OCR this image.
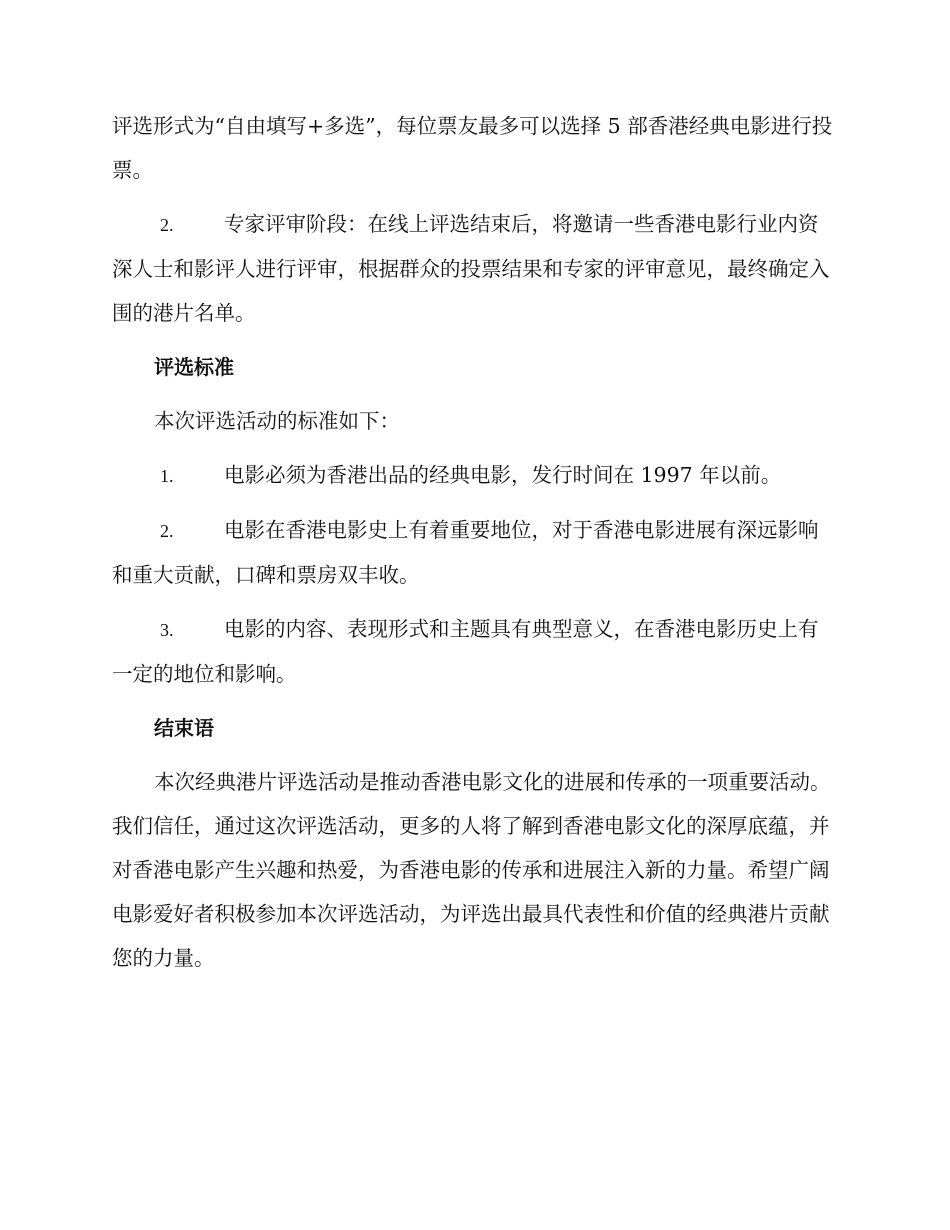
评选形式为“自由填写+多选”，每位票友最多可以选择 5 部香港经典电影进行投票。

2. 专家评审阶段：在线上评选结束后，将邀请一些香港电影行业内资深人士和影评人进行评审，根据群众的投票结果和专家的评审意见，最终确定入围的港片名单。

评选标准

本次评选活动的标准如下：

1. 电影必须为香港出品的经典电影，发行时间在 1997 年以前。

2. 电影在香港电影史上有着重要地位，对于香港电影进展有深远影响和重大贡献，口碑和票房双丰收。

3. 电影的内容、表现形式和主题具有典型意义，在香港电影历史上有一定的地位和影响。

结束语

本次经典港片评选活动是推动香港电影文化的进展和传承的一项重要活动。我们信任，通过这次评选活动，更多的人将了解到香港电影文化的深厚底蕴，并对香港电影产生兴趣和热爱，为香港电影的传承和进展注入新的力量。希望广阔电影爱好者积极参加本次评选活动，为评选出最具代表性和价值的经典港片贡献您的力量。
